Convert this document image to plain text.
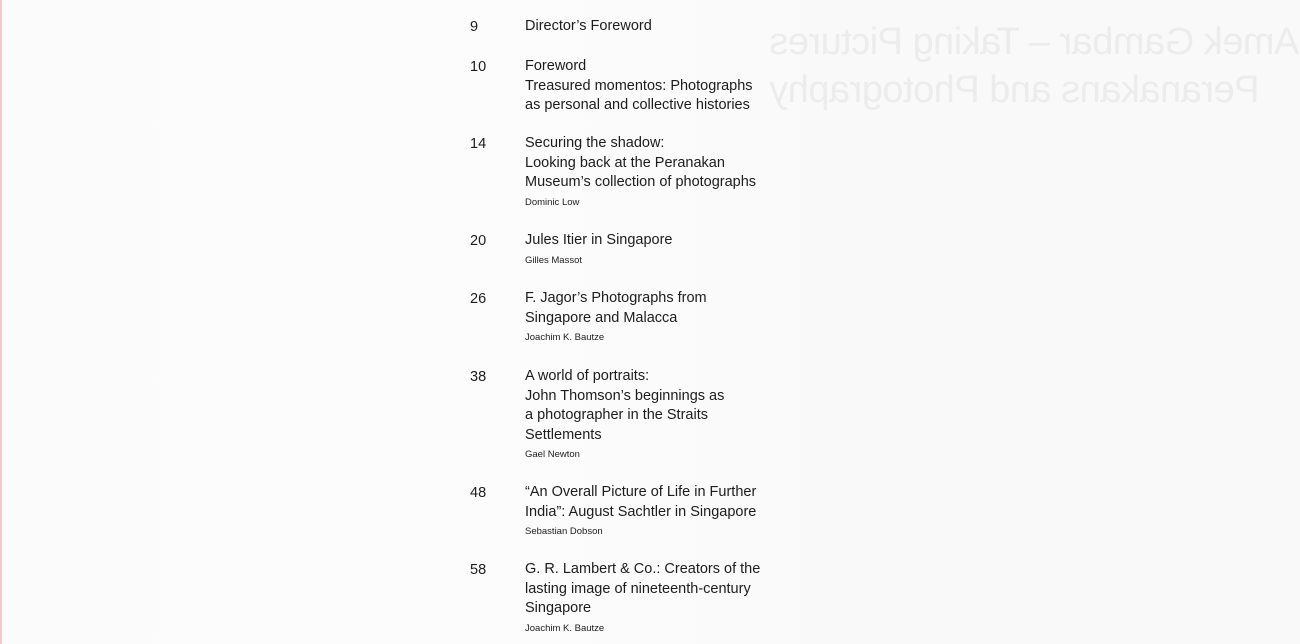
Amek Gambar – Taking Pictures
Peranakans and Photography
9	Director’s Foreword
10	Foreword
Treasured momentos: Photographs
as personal and collective histories
14	Securing the shadow:
Looking back at the Peranakan
Museum’s collection of photographs
Dominic Low
20	Jules Itier in Singapore
Gilles Massot
26	F. Jagor’s Photographs from
Singapore and Malacca
Joachim K. Bautze
38	A world of portraits:
John Thomson’s beginnings as
a photographer in the Straits
Settlements
Gael Newton
48	“An Overall Picture of Life in Further
India”: August Sachtler in Singapore
Sebastian Dobson
58	G. R. Lambert & Co.: Creators of the
lasting image of nineteenth-century
Singapore
Joachim K. Bautze
